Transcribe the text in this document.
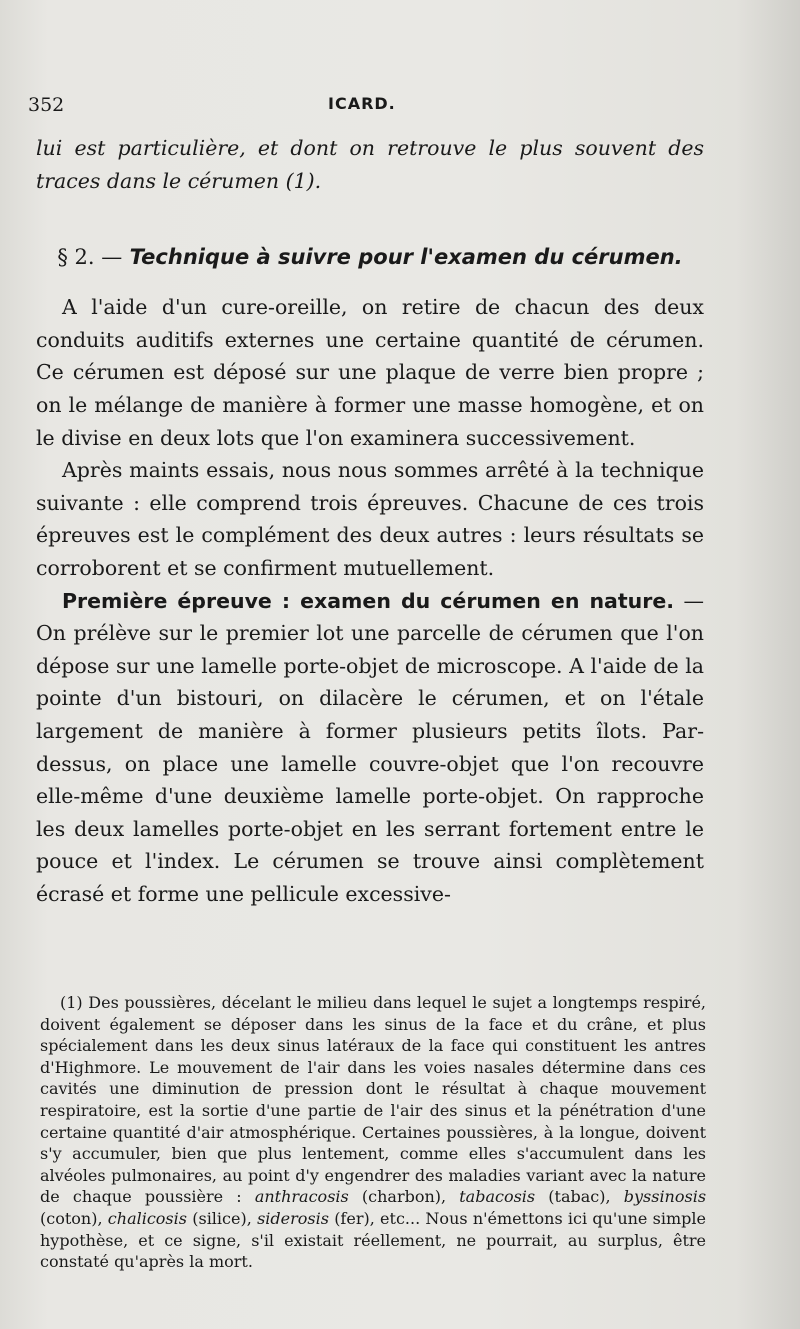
352	ICARD.

lui est particulière, et dont on retrouve le plus souvent des traces dans le cérumen (1).

§ 2. — Technique à suivre pour l'examen du cérumen.

A l'aide d'un cure-oreille, on retire de chacun des deux conduits auditifs externes une certaine quantité de cérumen. Ce cérumen est déposé sur une plaque de verre bien propre ; on le mélange de manière à former une masse homogène, et on le divise en deux lots que l'on examinera successivement.

Après maints essais, nous nous sommes arrêté à la technique suivante : elle comprend trois épreuves. Chacune de ces trois épreuves est le complément des deux autres : leurs résultats se corroborent et se confirment mutuellement.

Première épreuve : examen du cérumen en nature. — On prélève sur le premier lot une parcelle de cérumen que l'on dépose sur une lamelle porte-objet de microscope. A l'aide de la pointe d'un bistouri, on dilacère le cérumen, et on l'étale largement de manière à former plusieurs petits îlots. Par-dessus, on place une lamelle couvre-objet que l'on recouvre elle-même d'une deuxième lamelle porte-objet. On rapproche les deux lamelles porte-objet en les serrant fortement entre le pouce et l'index. Le cérumen se trouve ainsi complètement écrasé et forme une pellicule excessive-

(1) Des poussières, décelant le milieu dans lequel le sujet a longtemps respiré, doivent également se déposer dans les sinus de la face et du crâne, et plus spécialement dans les deux sinus latéraux de la face qui constituent les antres d'Highmore. Le mouvement de l'air dans les voies nasales détermine dans ces cavités une diminution de pression dont le résultat à chaque mouvement respiratoire, est la sortie d'une partie de l'air des sinus et la pénétration d'une certaine quantité d'air atmosphérique. Certaines poussières, à la longue, doivent s'y accumuler, bien que plus lentement, comme elles s'accumulent dans les alvéoles pulmonaires, au point d'y engendrer des maladies variant avec la nature de chaque poussière : anthracosis (charbon), tabacosis (tabac), byssinosis (coton), chalicosis (silice), siderosis (fer), etc... Nous n'émettons ici qu'une simple hypothèse, et ce signe, s'il existait réellement, ne pourrait, au surplus, être constaté qu'après la mort.
